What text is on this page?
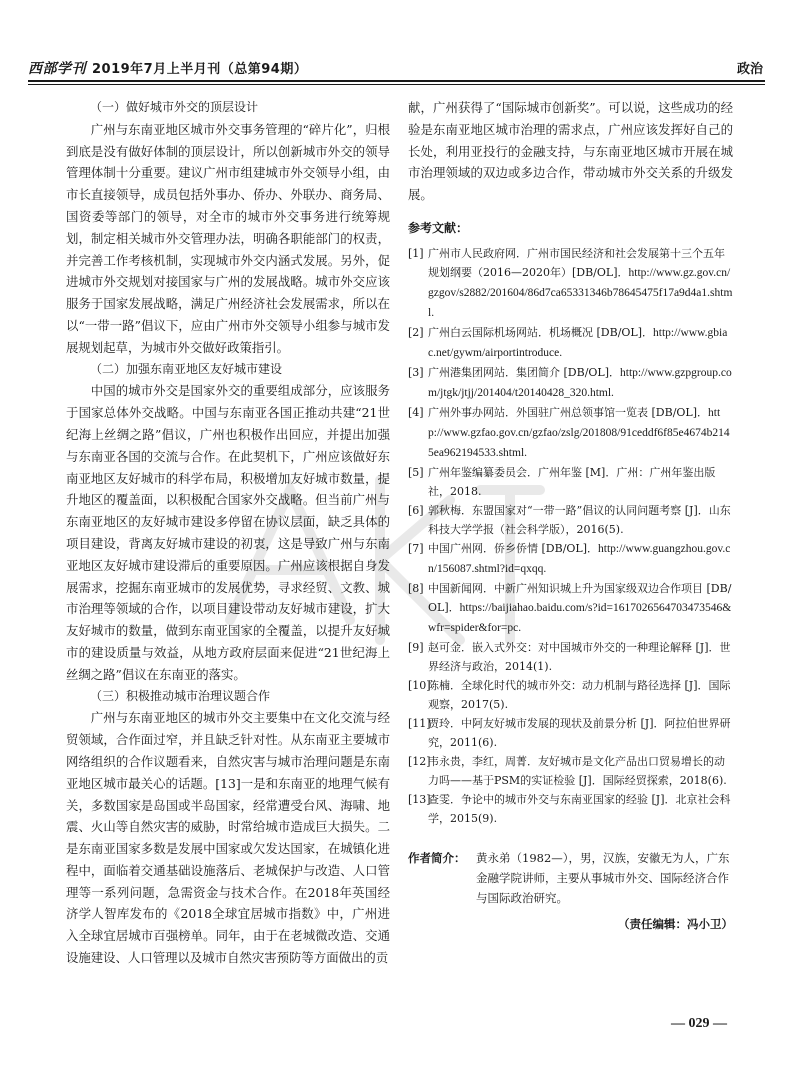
西部学刊 2019年7月上半月刊（总第94期）	政治
（一）做好城市外交的顶层设计

广州与东南亚地区城市外交事务管理的“碎片化”，归根到底是没有做好体制的顶层设计，所以创新城市外交的领导管理体制十分重要。建议广州市组建城市外交领导小组，由市长直接领导，成员包括外事办、侨办、外联办、商务局、国资委等部门的领导，对全市的城市外交事务进行统筹规划，制定相关城市外交管理办法，明确各职能部门的权责，并完善工作考核机制，实现城市外交内涵式发展。另外，促进城市外交规划对接国家与广州的发展战略。城市外交应该服务于国家发展战略，满足广州经济社会发展需求，所以在以“一带一路”倡议下，应由广州市外交领导小组参与城市发展规划起草，为城市外交做好政策指引。

（二）加强东南亚地区友好城市建设

中国的城市外交是国家外交的重要组成部分，应该服务于国家总体外交战略。中国与东南亚各国正推动共建“21世纪海上丝绸之路”倡议，广州也积极作出回应，并提出加强与东南亚各国的交流与合作。在此契机下，广州应该做好东南亚地区友好城市的科学布局，积极增加友好城市数量，提升地区的覆盖面，以积极配合国家外交战略。但当前广州与东南亚地区的友好城市建设多停留在协议层面，缺乏具体的项目建设，背离友好城市建设的初衷，这是导致广州与东南亚地区友好城市建设滞后的重要原因。广州应该根据自身发展需求，挖掘东南亚城市的发展优势，寻求经贸、文教、城市治理等领域的合作，以项目建设带动友好城市建设，扩大友好城市的数量，做到东南亚国家的全覆盖，以提升友好城市的建设质量与效益，从地方政府层面来促进“21世纪海上丝绸之路”倡议在东南亚的落实。

（三）积极推动城市治理议题合作

广州与东南亚地区的城市外交主要集中在文化交流与经贸领域，合作面过窄，并且缺乏针对性。从东南亚主要城市网络组织的合作议题看来，自然灾害与城市治理问题是东南亚地区城市最关心的话题。[13]一是和东南亚的地理气候有关，多数国家是岛国或半岛国家，经常遭受台风、海啸、地震、火山等自然灾害的威胁，时常给城市造成巨大损失。二是东南亚国家多数是发展中国家或欠发达国家，在城镇化进程中，面临着交通基础设施落后、老城保护与改造、人口管理等一系列问题，急需资金与技术合作。在2018年英国经济学人智库发布的《2018全球宜居城市指数》中，广州进入全球宜居城市百强榜单。同年，由于在老城微改造、交通设施建设、人口管理以及城市自然灾害预防等方面做出的贡

献，广州获得了“国际城市创新奖”。可以说，这些成功的经验是东南亚地区城市治理的需求点，广州应该发挥好自己的长处，利用亚投行的金融支持，与东南亚地区城市开展在城市治理领域的双边或多边合作，带动城市外交关系的升级发展。

参考文献：
[1] 广州市人民政府网．广州市国民经济和社会发展第十三个五年规划纲要（2016—2020年）[DB/OL]．http://www.gz.gov.cn/gzgov/s2882/201604/86d7ca65331346b78645475f17a9d4a1.shtml.
[2] 广州白云国际机场网站．机场概况 [DB/OL]．http://www.gbiac.net/gywm/airportintroduce.
[3] 广州港集团网站．集团简介 [DB/OL]．http://www.gzpgroup.com/jtgk/jtjj/201404/t20140428_320.html.
[4] 广州外事办网站．外国驻广州总领事馆一览表 [DB/OL]．http://www.gzfao.gov.cn/gzfao/zslg/201808/91ceddf6f85e4674b2145ea962194533.shtml.
[5] 广州年鉴编纂委员会．广州年鉴 [M]．广州：广州年鉴出版社，2018.
[6] 郭秋梅．东盟国家对“一带一路”倡议的认同问题考察 [J]．山东科技大学学报（社会科学版），2016(5).
[7] 中国广州网．侨乡侨情 [DB/OL]．http://www.guangzhou.gov.cn/156087.shtml?id=qxqq.
[8] 中国新闻网．中新广州知识城上升为国家级双边合作项目 [DB/OL]．https://baijiahao.baidu.com/s?id=1617026564703473546&wfr=spider&for=pc.
[9] 赵可金．嵌入式外交：对中国城市外交的一种理论解释 [J]．世界经济与政治，2014(1).
[10]
陈楠．全球化时代的城市外交：动力机制与路径选择 [J]．国际观察，2017(5).
[11]
贾玲．中阿友好城市发展的现状及前景分析 [J]．阿拉伯世界研究，2011(6).
[12]
韦永贵，李红，周菁．友好城市是文化产品出口贸易增长的动力吗——基于PSM的实证检验 [J]．国际经贸探索，2018(6).
[13]
查雯．争论中的城市外交与东南亚国家的经验 [J]．北京社会科学，2015(9).
作者简介： 黄永弟（1982—），男，汉族，安徽无为人，广东金融学院讲师，主要从事城市外交、国际经济合作与国际政治研究。
（责任编辑：冯小卫）
— 029 —
